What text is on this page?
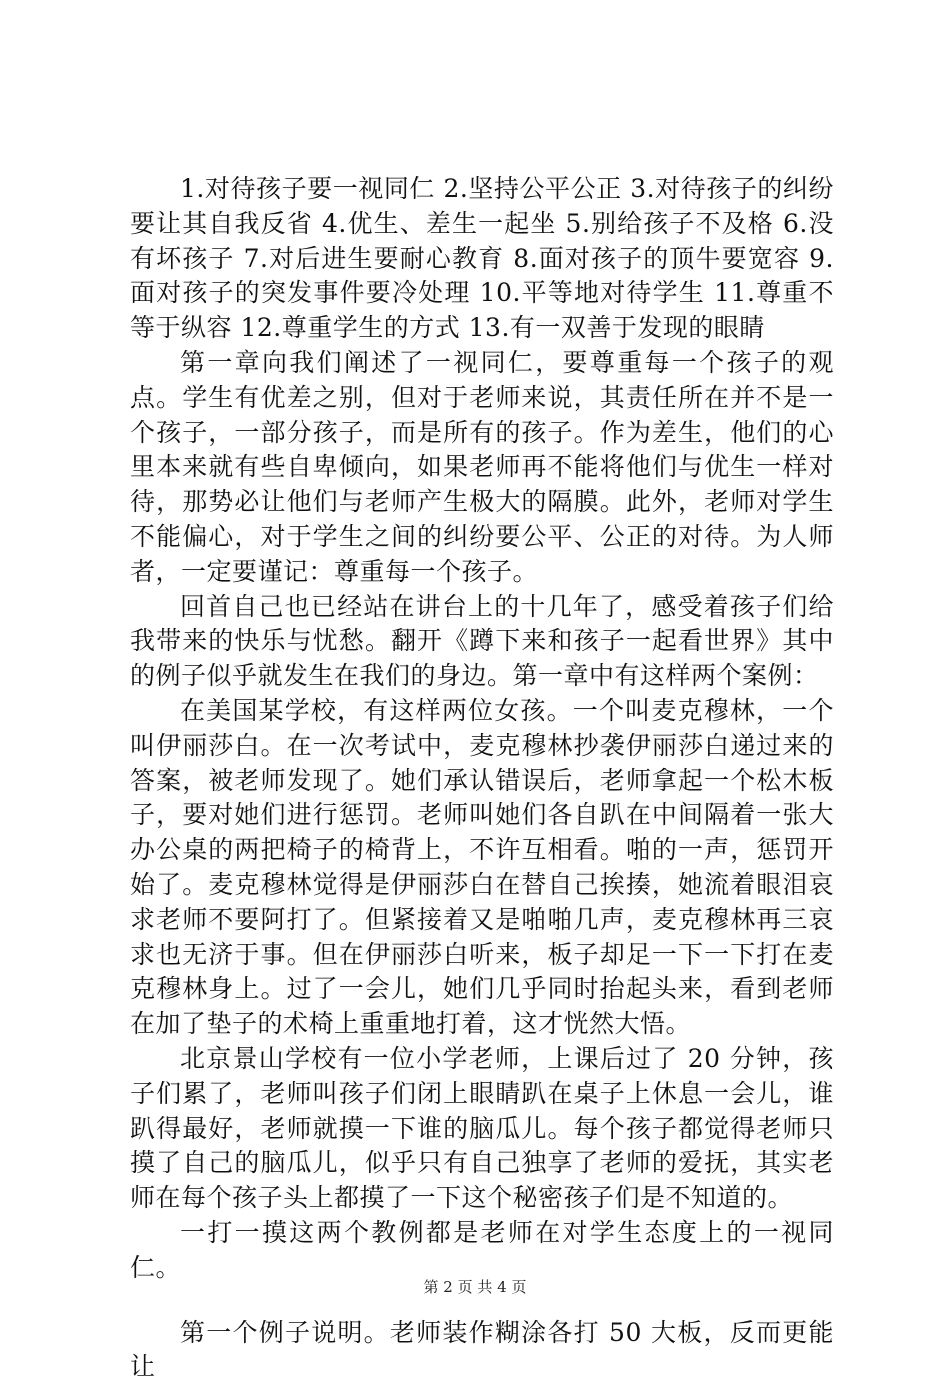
1.对待孩子要一视同仁 2.坚持公平公正 3.对待孩子的纠纷要让其自我反省 4.优生、差生一起坐 5.别给孩子不及格 6.没有坏孩子 7.对后进生要耐心教育 8.面对孩子的顶牛要宽容 9.面对孩子的突发事件要冷处理 10.平等地对待学生 11.尊重不等于纵容 12.尊重学生的方式 13.有一双善于发现的眼睛

第一章向我们阐述了一视同仁，要尊重每一个孩子的观点。学生有优差之别，但对于老师来说，其责任所在并不是一个孩子，一部分孩子，而是所有的孩子。作为差生，他们的心里本来就有些自卑倾向，如果老师再不能将他们与优生一样对待，那势必让他们与老师产生极大的隔膜。此外，老师对学生不能偏心，对于学生之间的纠纷要公平、公正的对待。为人师者，一定要谨记：尊重每一个孩子。

回首自己也已经站在讲台上的十几年了，感受着孩子们给我带来的快乐与忧愁。翻开《蹲下来和孩子一起看世界》其中的例子似乎就发生在我们的身边。第一章中有这样两个案例：

在美国某学校，有这样两位女孩。一个叫麦克穆林，一个叫伊丽莎白。在一次考试中，麦克穆林抄袭伊丽莎白递过来的答案，被老师发现了。她们承认错误后，老师拿起一个松木板子，要对她们进行惩罚。老师叫她们各自趴在中间隔着一张大办公桌的两把椅子的椅背上，不许互相看。啪的一声，惩罚开始了。麦克穆林觉得是伊丽莎白在替自己挨揍，她流着眼泪哀求老师不要阿打了。但紧接着又是啪啪几声，麦克穆林再三哀求也无济于事。但在伊丽莎白听来，板子却足一下一下打在麦克穆林身上。过了一会儿，她们几乎同时抬起头来，看到老师在加了垫子的术椅上重重地打着，这才恍然大悟。

北京景山学校有一位小学老师，上课后过了 20 分钟，孩子们累了，老师叫孩子们闭上眼睛趴在桌子上休息一会儿，谁趴得最好，老师就摸一下谁的脑瓜儿。每个孩子都觉得老师只摸了自己的脑瓜儿，似乎只有自己独享了老师的爱抚，其实老师在每个孩子头上都摸了一下这个秘密孩子们是不知道的。

一打一摸这两个教例都是老师在对学生态度上的一视同仁。

第一个例子说明。老师装作糊涂各打 50 大板，反而更能让

第 2 页 共 4 页
